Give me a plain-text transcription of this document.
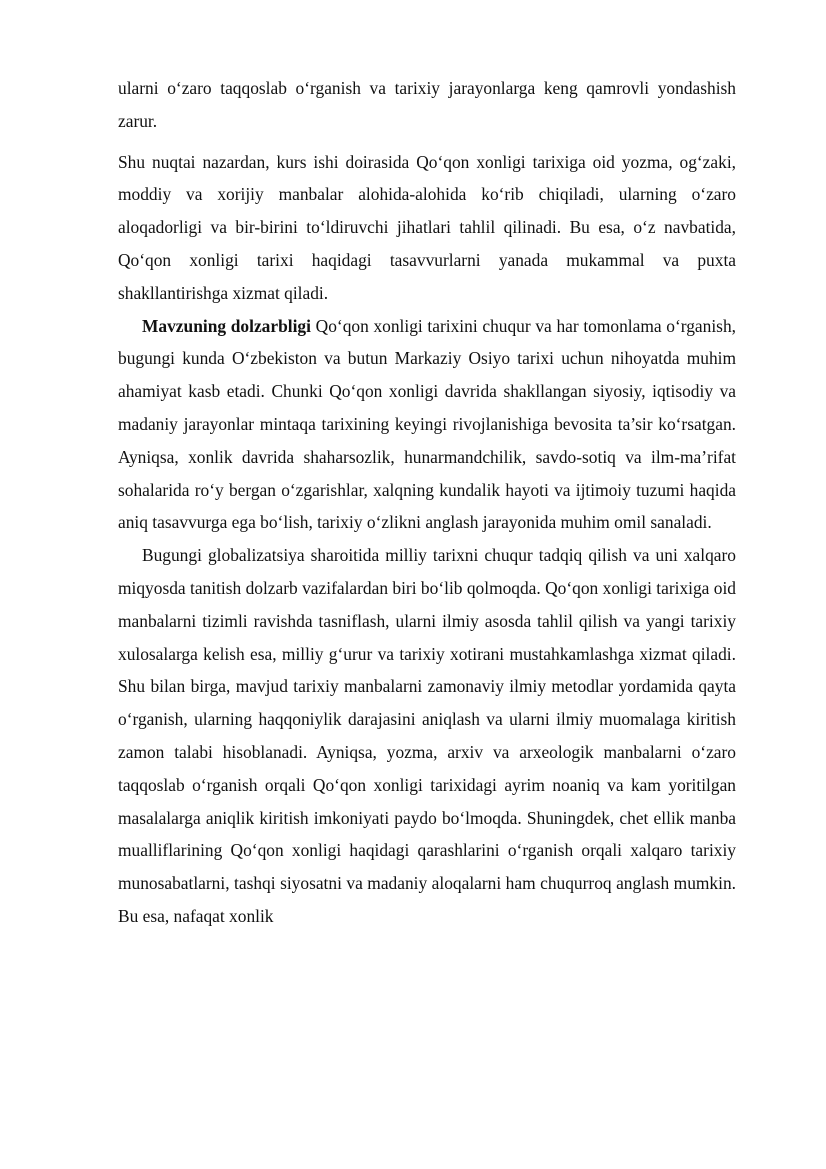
ularni o‘zaro taqqoslab o‘rganish va tarixiy jarayonlarga keng qamrovli yondashish zarur.

Shu nuqtai nazardan, kurs ishi doirasida Qo‘qon xonligi tarixiga oid yozma, og‘zaki, moddiy va xorijiy manbalar alohida-alohida ko‘rib chiqiladi, ularning o‘zaro aloqadorligi va bir-birini to‘ldiruvchi jihatlari tahlil qilinadi. Bu esa, o‘z navbatida, Qo‘qon xonligi tarixi haqidagi tasavvurlarni yanada mukammal va puxta shakllantirishga xizmat qiladi.

Mavzuning dolzarbligi Qo‘qon xonligi tarixini chuqur va har tomonlama o‘rganish, bugungi kunda O‘zbekiston va butun Markaziy Osiyo tarixi uchun nihoyatda muhim ahamiyat kasb etadi. Chunki Qo‘qon xonligi davrida shakllangan siyosiy, iqtisodiy va madaniy jarayonlar mintaqa tarixining keyingi rivojlanishiga bevosita ta’sir ko‘rsatgan. Ayniqsa, xonlik davrida shaharsozlik, hunarmandchilik, savdo-sotiq va ilm-ma’rifat sohalarida ro‘y bergan o‘zgarishlar, xalqning kundalik hayoti va ijtimoiy tuzumi haqida aniq tasavvurga ega bo‘lish, tarixiy o‘zlikni anglash jarayonida muhim omil sanaladi.

Bugungi globalizatsiya sharoitida milliy tarixni chuqur tadqiq qilish va uni xalqaro miqyosda tanitish dolzarb vazifalardan biri bo‘lib qolmoqda. Qo‘qon xonligi tarixiga oid manbalarni tizimli ravishda tasniflash, ularni ilmiy asosda tahlil qilish va yangi tarixiy xulosalarga kelish esa, milliy g‘urur va tarixiy xotirani mustahkamlashga xizmat qiladi. Shu bilan birga, mavjud tarixiy manbalarni zamonaviy ilmiy metodlar yordamida qayta o‘rganish, ularning haqqoniylik darajasini aniqlash va ularni ilmiy muomalaga kiritish zamon talabi hisoblanadi. Ayniqsa, yozma, arxiv va arxeologik manbalarni o‘zaro taqqoslab o‘rganish orqali Qo‘qon xonligi tarixidagi ayrim noaniq va kam yoritilgan masalalarga aniqlik kiritish imkoniyati paydo bo‘lmoqda. Shuningdek, chet ellik manba mualliflarining Qo‘qon xonligi haqidagi qarashlarini o‘rganish orqali xalqaro tarixiy munosabatlarni, tashqi siyosatni va madaniy aloqalarni ham chuqurroq anglash mumkin. Bu esa, nafaqat xonlik
